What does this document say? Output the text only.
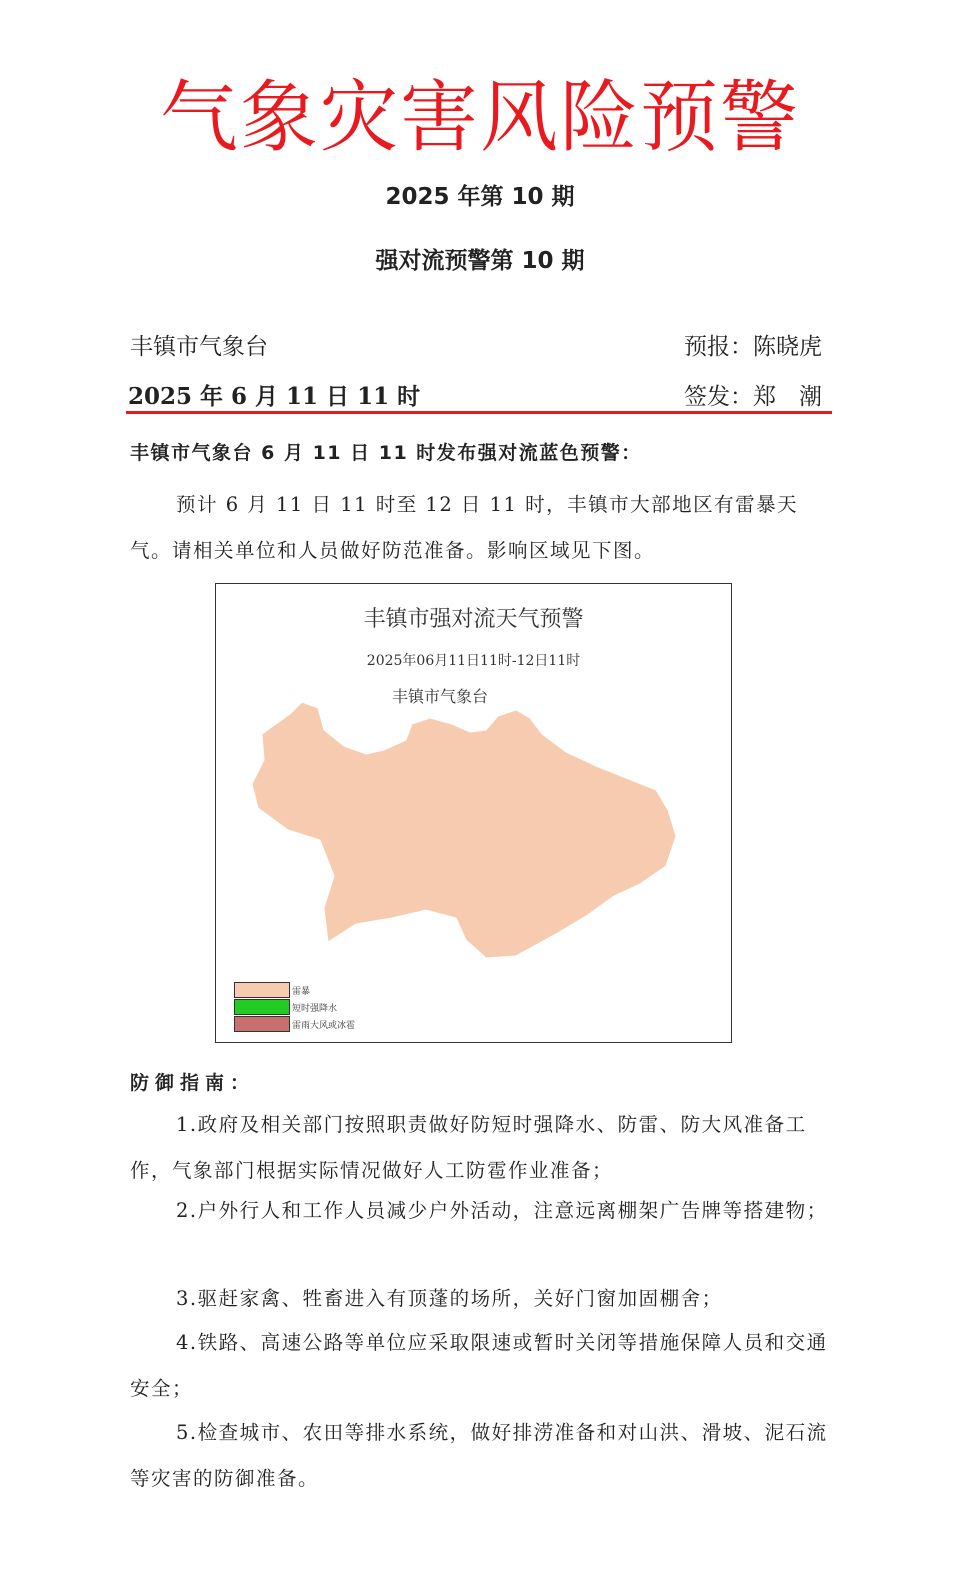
气象灾害风险预警
2025 年第 10 期
强对流预警第 10 期
丰镇市气象台	预报：陈晓虎
2025 年 6 月 11 日 11 时	签发：郑　潮
丰镇市气象台 6 月 11 日 11 时发布强对流蓝色预警：
预计 6 月 11 日 11 时至 12 日 11 时，丰镇市大部地区有雷暴天气。请相关单位和人员做好防范准备。影响区域见下图。
丰镇市强对流天气预警
2025年06月11日11时-12日11时
丰镇市气象台
雷暴
短时强降水
雷雨大风或冰雹
防御指南：
1.政府及相关部门按照职责做好防短时强降水、防雷、防大风准备工作，气象部门根据实际情况做好人工防雹作业准备；
2.户外行人和工作人员减少户外活动，注意远离棚架广告牌等搭建物；
3.驱赶家禽、牲畜进入有顶蓬的场所，关好门窗加固棚舍；
4.铁路、高速公路等单位应采取限速或暂时关闭等措施保障人员和交通安全；
5.检查城市、农田等排水系统，做好排涝准备和对山洪、滑坡、泥石流等灾害的防御准备。
